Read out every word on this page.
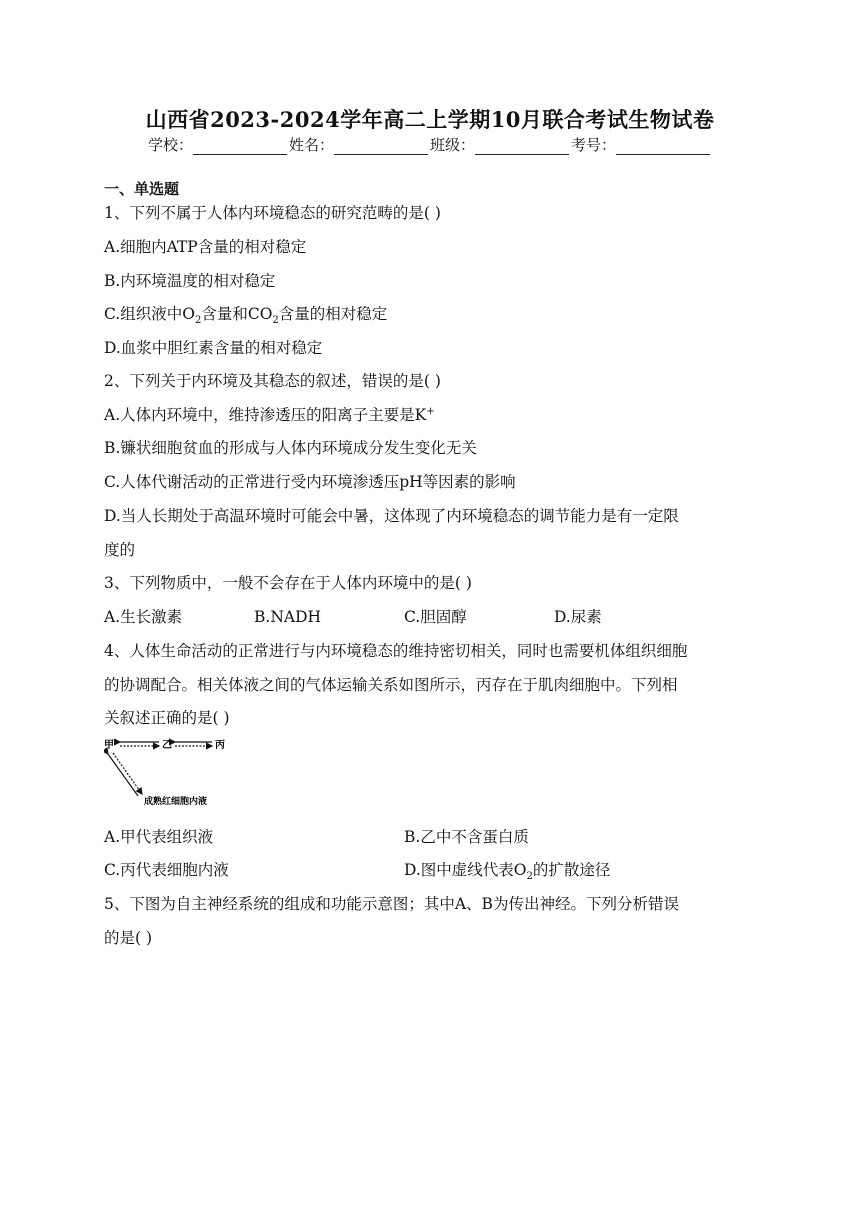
山西省2023-2024学年高二上学期10月联合考试生物试卷
学校：	姓名：	班级：	考号：
一、单选题
1、下列不属于人体内环境稳态的研究范畴的是( )
A.细胞内ATP含量的相对稳定
B.内环境温度的相对稳定
C.组织液中$O_2$含量和$CO_2$含量的相对稳定
D.血浆中胆红素含量的相对稳定
2、下列关于内环境及其稳态的叙述，错误的是( )
A.人体内环境中，维持渗透压的阳离子主要是K+
B.镰状细胞贫血的形成与人体内环境成分发生变化无关
C.人体代谢活动的正常进行受内环境渗透压pH等因素的影响
D.当人长期处于高温环境时可能会中暑，这体现了内环境稳态的调节能力是有一定限
度的
3、下列物质中，一般不会存在于人体内环境中的是( )
A.生长激素	B.NADH	C.胆固醇	D.尿素
4、人体生命活动的正常进行与内环境稳态的维持密切相关，同时也需要机体组织细胞
的协调配合。相关体液之间的气体运输关系如图所示，丙存在于肌肉细胞中。下列相
关叙述正确的是( )
甲	乙	丙
成熟红细胞内液
A.甲代表组织液	B.乙中不含蛋白质
C.丙代表细胞内液	D.图中虚线代表$O_2$的扩散途径
5、下图为自主神经系统的组成和功能示意图；其中A、B为传出神经。下列分析错误
的是( )
